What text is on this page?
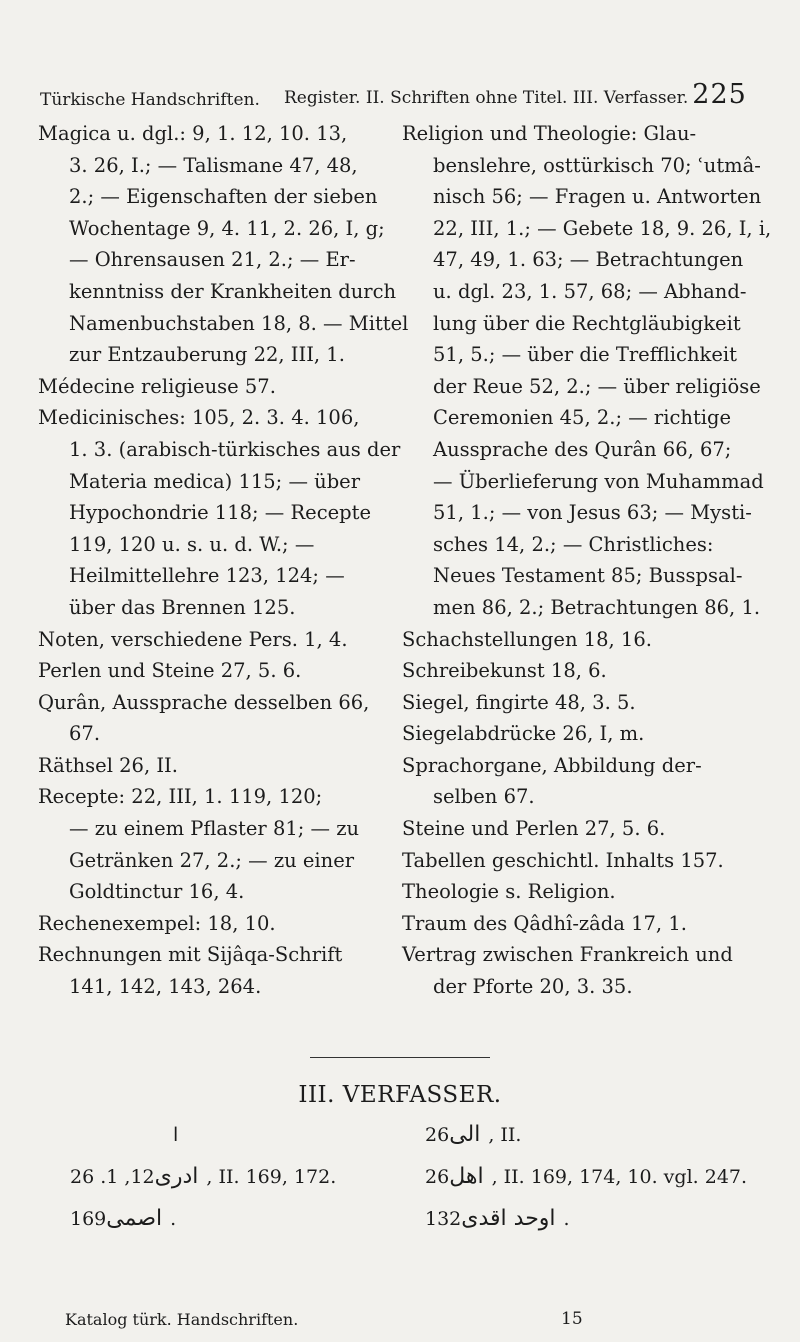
Türkische Handschriften. Register. II. Schriften ohne Titel. III. Verfasser. 225
Magica u. dgl.: 9, 1. 12, 10. 13,
3. 26, I.; — Talismane 47, 48,
2.; — Eigenschaften der sieben
Wochentage 9, 4. 11, 2. 26, I, g;
— Ohrensausen 21, 2.; — Er-
kenntniss der Krankheiten durch
Namenbuchstaben 18, 8. — Mittel
zur Entzauberung 22, III, 1.
Médecine religieuse 57.
Medicinisches: 105, 2. 3. 4. 106,
1. 3. (arabisch-türkisches aus der
Materia medica) 115; — über
Hypochondrie 118; — Recepte
119, 120 u. s. u. d. W.; —
Heilmittellehre 123, 124; —
über das Brennen 125.
Noten, verschiedene Pers. 1, 4.
Perlen und Steine 27, 5. 6.
Qurân, Aussprache desselben 66,
67.
Räthsel 26, II.
Recepte: 22, III, 1. 119, 120;
— zu einem Pflaster 81; — zu
Getränken 27, 2.; — zu einer
Goldtinctur 16, 4.
Rechenexempel: 18, 10.
Rechnungen mit Sijâqa-Schrift
141, 142, 143, 264.
Religion und Theologie: Glau-
benslehre, osttürkisch 70; ʿutmâ-
nisch 56; — Fragen u. Antworten
22, III, 1.; — Gebete 18, 9. 26, I, i,
47, 49, 1. 63; — Betrachtungen
u. dgl. 23, 1. 57, 68; — Abhand-
lung über die Rechtgläubigkeit
51, 5.; — über die Trefflichkeit
der Reue 52, 2.; — über religiöse
Ceremonien 45, 2.; — richtige
Aussprache des Qurân 66, 67;
— Überlieferung von Muhammad
51, 1.; — von Jesus 63; — Mysti-
sches 14, 2.; — Christliches:
Neues Testament 85; Busspsal-
men 86, 2.; Betrachtungen 86, 1.
Schachstellungen 18, 16.
Schreibekunst 18, 6.
Siegel, fingirte 48, 3. 5.
Siegelabdrücke 26, I, m.
Sprachorgane, Abbildung der-
selben 67.
Steine und Perlen 27, 5. 6.
Tabellen geschichtl. Inhalts 157.
Theologie s. Religion.
Traum des Qâdhî-zâda 17, 1.
Vertrag zwischen Frankreich und
der Pforte 20, 3. 35.
III. VERFASSER.
ا
ادرى12, 1. 26, II. 169, 172.
اصمى169.
الى26, II.
اهل26, II. 169, 174, 10. vgl. 247.
اوحد اقدى132.
Katalog türk. Handschriften.	15
